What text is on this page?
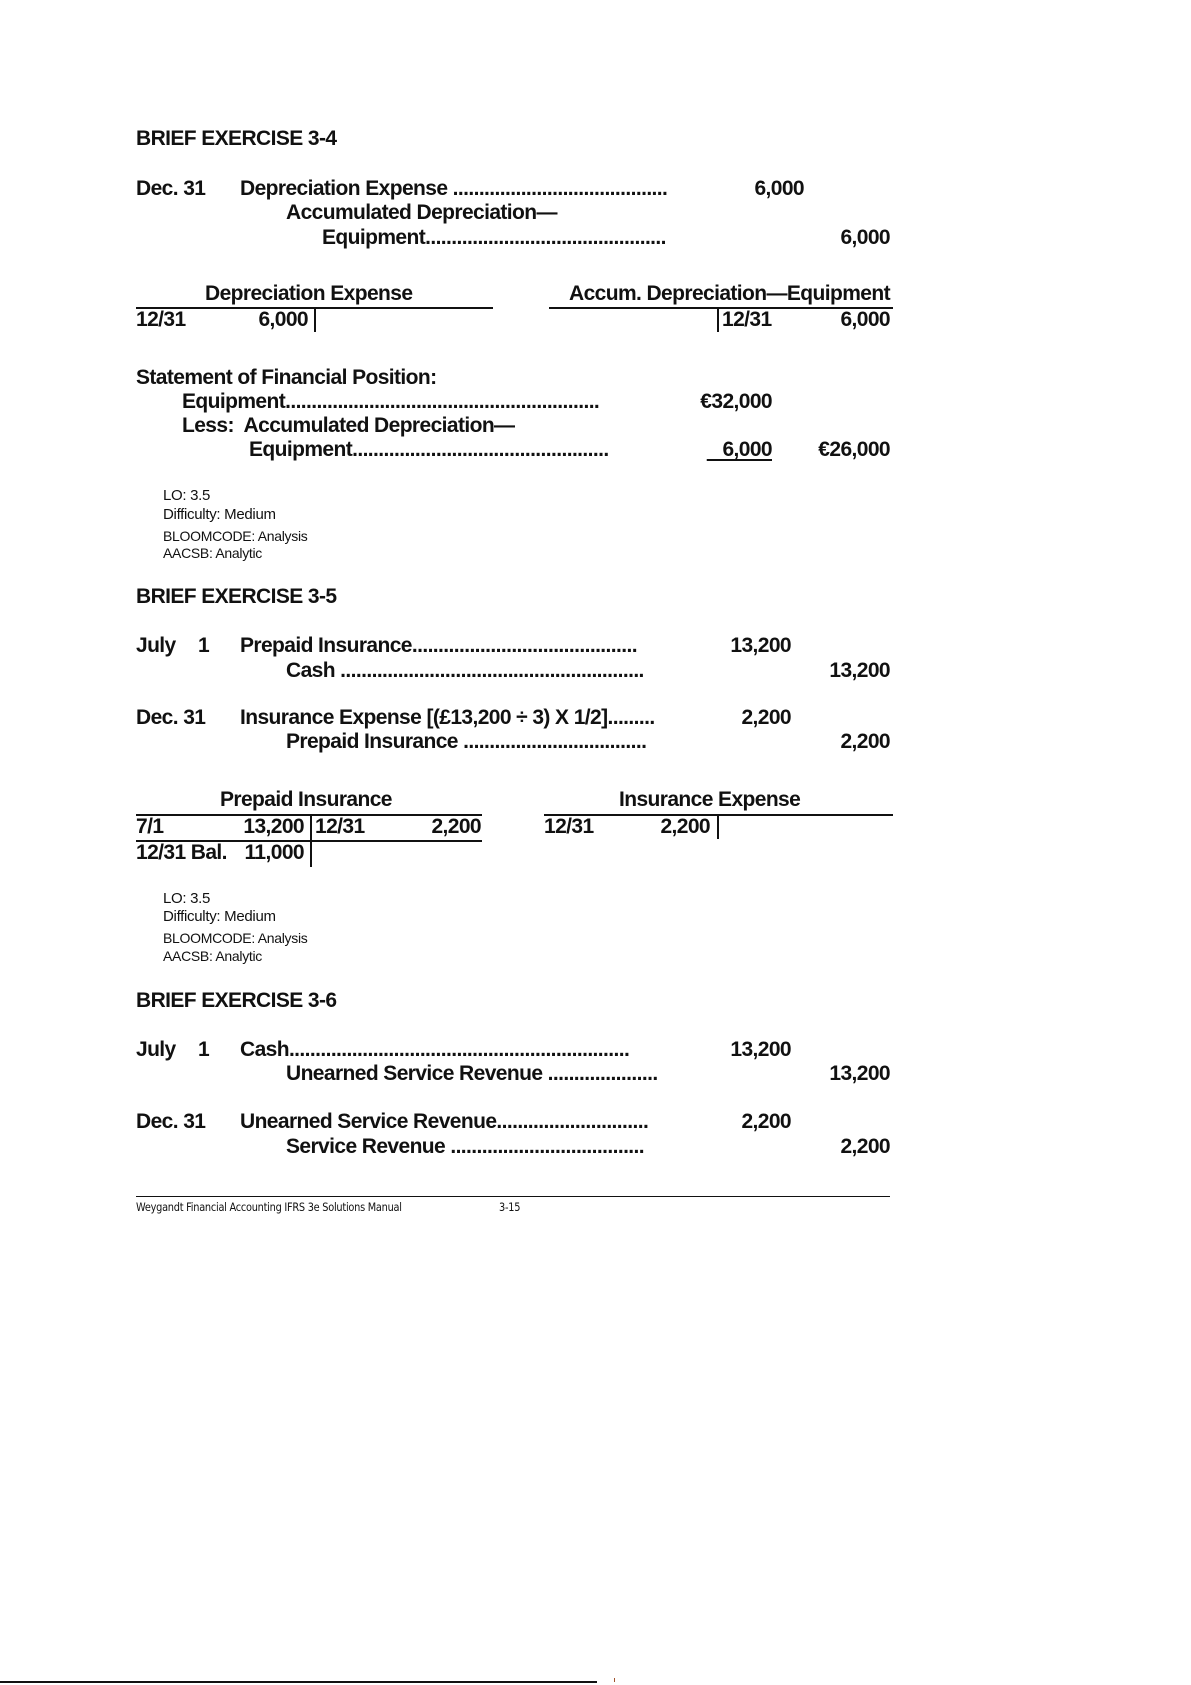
BRIEF EXERCISE 3-4
Dec. 31 Depreciation Expense .........................................	6,000
Accumulated Depreciation—
Equipment..............................................	6,000
Depreciation Expense
12/31	6,000
Accum. Depreciation—Equipment
12/31	6,000
Statement of Financial Position:
Equipment............................................................	€32,000
Less:  Accumulated Depreciation—
Equipment.................................................	6,000 €26,000
LO: 3.5
Difficulty: Medium
BLOOMCODE: Analysis
AACSB: Analytic
BRIEF EXERCISE 3-5
July 1 Prepaid Insurance...........................................	13,200
Cash ..........................................................	13,200
Dec. 31 Insurance Expense [(£13,200 ÷ 3) X 1/2].........	2,200
Prepaid Insurance ...................................	2,200
Prepaid Insurance
7/1	13,200 12/31	2,200
12/31 Bal. 11,000
Insurance Expense
12/31	2,200
LO: 3.5
Difficulty: Medium
BLOOMCODE: Analysis
AACSB: Analytic
BRIEF EXERCISE 3-6
July 1 Cash.................................................................	13,200
Unearned Service Revenue .....................	13,200
Dec. 31 Unearned Service Revenue.............................	2,200
Service Revenue .....................................	2,200
Weygandt Financial Accounting IFRS 3e Solutions Manual	3-15
